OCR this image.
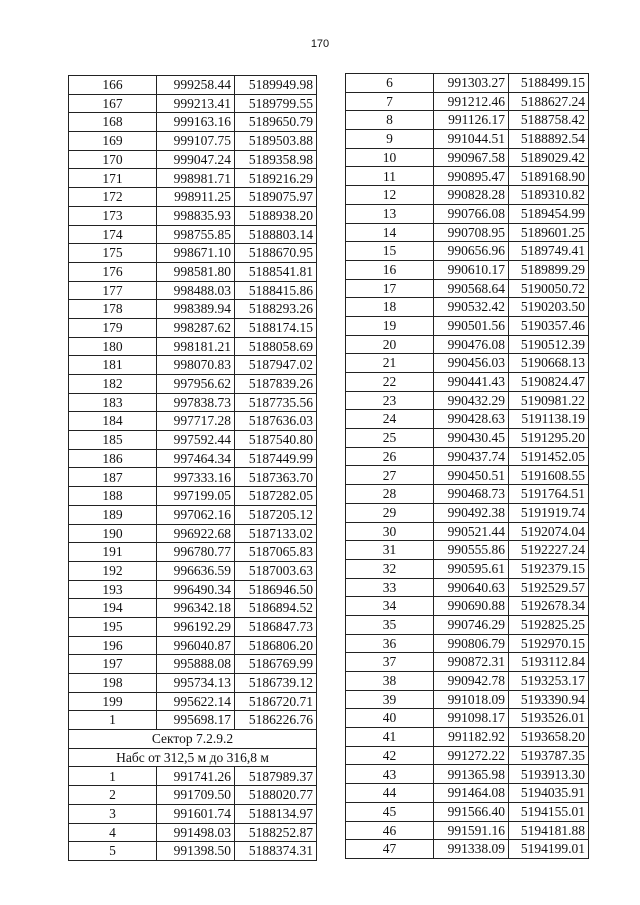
170
166	999258.44	5189949.98
167	999213.41	5189799.55
168	999163.16	5189650.79
169	999107.75	5189503.88
170	999047.24	5189358.98
171	998981.71	5189216.29
172	998911.25	5189075.97
173	998835.93	5188938.20
174	998755.85	5188803.14
175	998671.10	5188670.95
176	998581.80	5188541.81
177	998488.03	5188415.86
178	998389.94	5188293.26
179	998287.62	5188174.15
180	998181.21	5188058.69
181	998070.83	5187947.02
182	997956.62	5187839.26
183	997838.73	5187735.56
184	997717.28	5187636.03
185	997592.44	5187540.80
186	997464.34	5187449.99
187	997333.16	5187363.70
188	997199.05	5187282.05
189	997062.16	5187205.12
190	996922.68	5187133.02
191	996780.77	5187065.83
192	996636.59	5187003.63
193	996490.34	5186946.50
194	996342.18	5186894.52
195	996192.29	5186847.73
196	996040.87	5186806.20
197	995888.08	5186769.99
198	995734.13	5186739.12
199	995622.14	5186720.71
1	995698.17	5186226.76
Сектор 7.2.9.2		
Набс от 312,5 м до 316,8 м		
1	991741.26	5187989.37
2	991709.50	5188020.77
3	991601.74	5188134.97
4	991498.03	5188252.87
5	991398.50	5188374.31
6	991303.27	5188499.15
7	991212.46	5188627.24
8	991126.17	5188758.42
9	991044.51	5188892.54
10	990967.58	5189029.42
11	990895.47	5189168.90
12	990828.28	5189310.82
13	990766.08	5189454.99
14	990708.95	5189601.25
15	990656.96	5189749.41
16	990610.17	5189899.29
17	990568.64	5190050.72
18	990532.42	5190203.50
19	990501.56	5190357.46
20	990476.08	5190512.39
21	990456.03	5190668.13
22	990441.43	5190824.47
23	990432.29	5190981.22
24	990428.63	5191138.19
25	990430.45	5191295.20
26	990437.74	5191452.05
27	990450.51	5191608.55
28	990468.73	5191764.51
29	990492.38	5191919.74
30	990521.44	5192074.04
31	990555.86	5192227.24
32	990595.61	5192379.15
33	990640.63	5192529.57
34	990690.88	5192678.34
35	990746.29	5192825.25
36	990806.79	5192970.15
37	990872.31	5193112.84
38	990942.78	5193253.17
39	991018.09	5193390.94
40	991098.17	5193526.01
41	991182.92	5193658.20
42	991272.22	5193787.35
43	991365.98	5193913.30
44	991464.08	5194035.91
45	991566.40	5194155.01
46	991591.16	5194181.88
47	991338.09	5194199.01
